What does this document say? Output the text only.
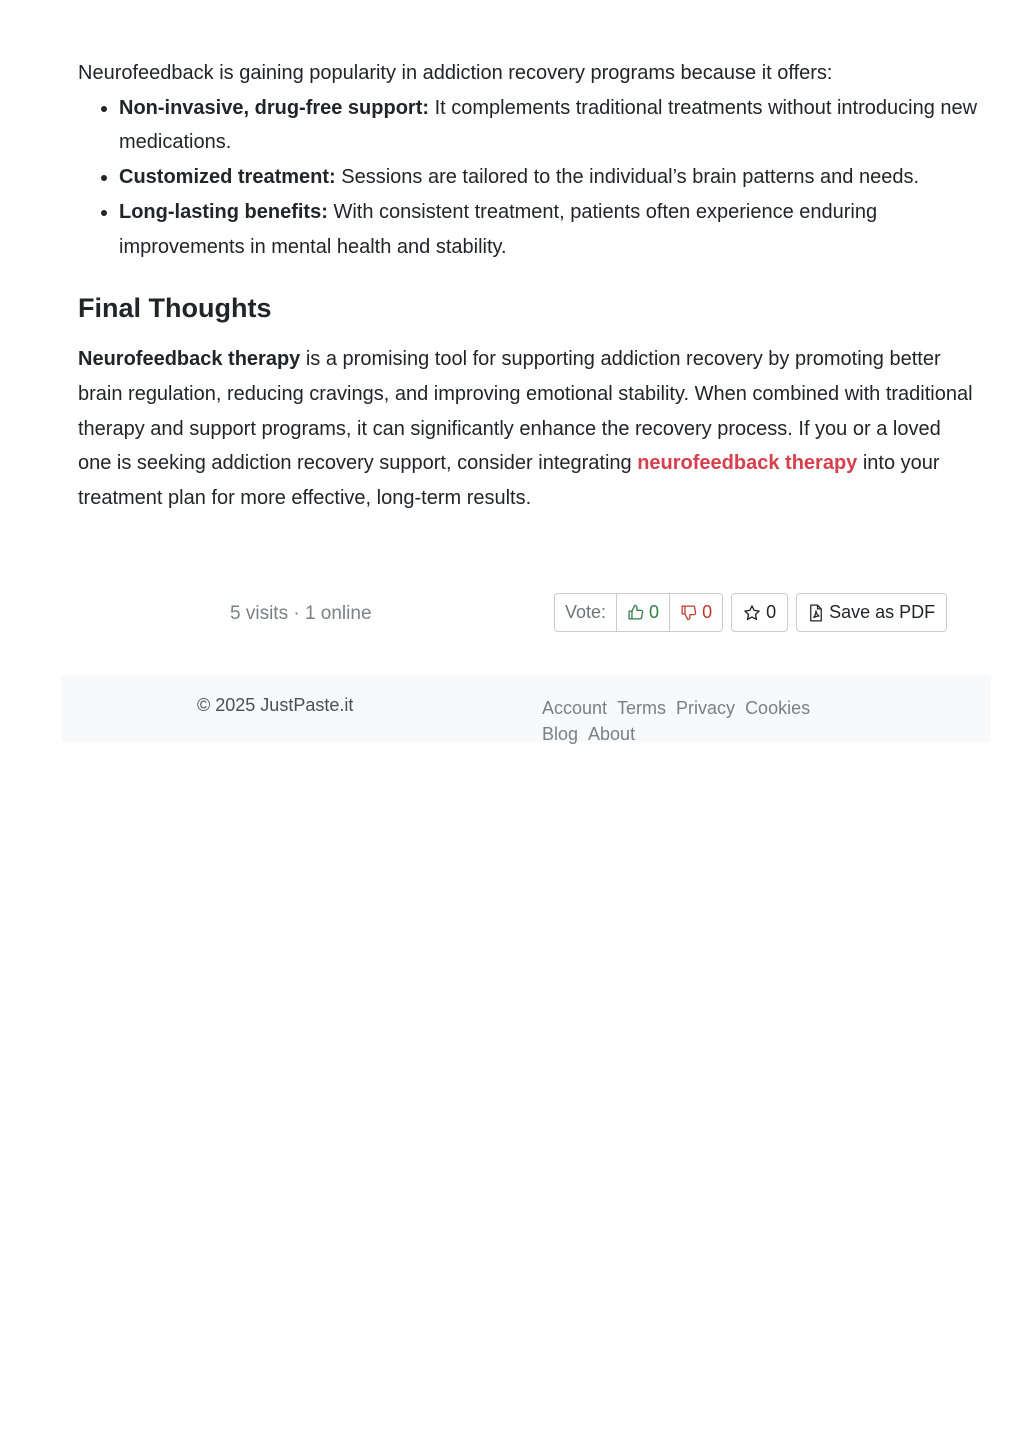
Neurofeedback is gaining popularity in addiction recovery programs because it offers:

• Non-invasive, drug-free support: It complements traditional treatments without introducing new medications.
• Customized treatment: Sessions are tailored to the individual’s brain patterns and needs.
• Long-lasting benefits: With consistent treatment, patients often experience enduring improvements in mental health and stability.
Final Thoughts

Neurofeedback therapy is a promising tool for supporting addiction recovery by promoting better brain regulation, reducing cravings, and improving emotional stability. When combined with traditional therapy and support programs, it can significantly enhance the recovery process. If you or a loved one is seeking addiction recovery support, consider integrating neurofeedback therapy into your treatment plan for more effective, long-term results.

5 visits · 1 online	Vote:	0 0	0	Save as PDF
© 2025 JustPaste.it	Account Terms Privacy Cookies
Blog About
